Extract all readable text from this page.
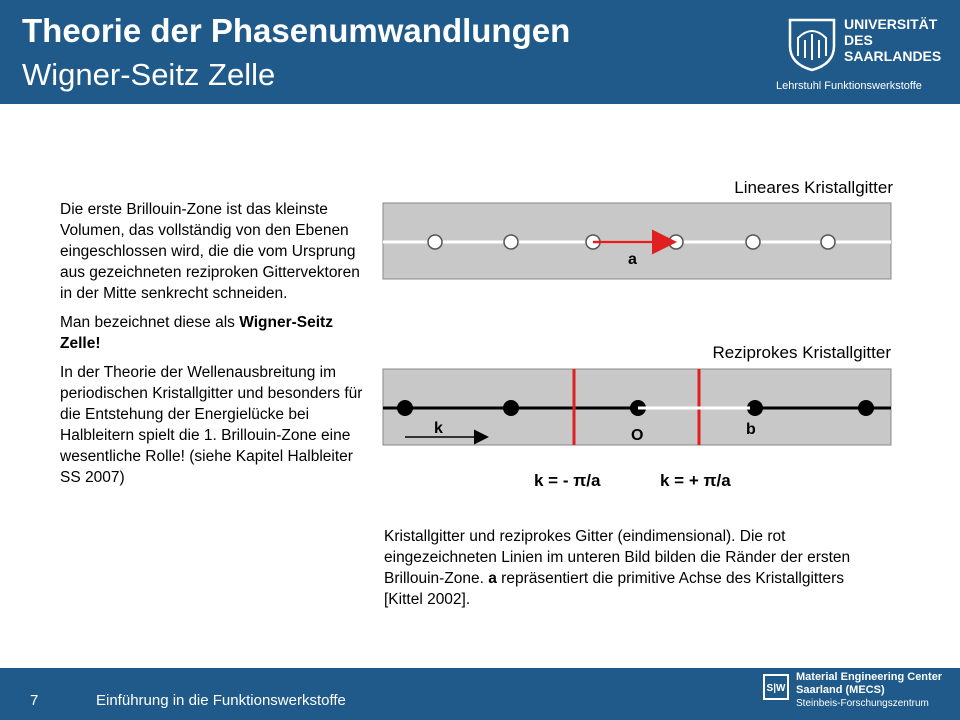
Theorie der Phasenumwandlungen
Wigner-Seitz Zelle
UNIVERSITÄT
DES
SAARLANDES
Lehrstuhl Funktionswerkstoffe

Die erste Brillouin-Zone ist das kleinste Volumen, das vollständig von den Ebenen eingeschlossen wird, die die vom Ursprung aus gezeichneten reziproken Gittervektoren in der Mitte senkrecht schneiden.

Man bezeichnet diese als Wigner-Seitz Zelle!

In der Theorie der Wellenausbreitung im periodischen Kristallgitter und besonders für die Entstehung der Energielücke bei Halbleitern spielt die 1. Brillouin-Zone eine wesentliche Rolle! (siehe Kapitel Halbleiter SS 2007)

Lineares Kristallgitter
Reziprokes Kristallgitter
a
k	O	b
k = - π/a	k = + π/a
Kristallgitter und reziprokes Gitter (eindimensional). Die rot eingezeichneten Linien im unteren Bild bilden die Ränder der ersten Brillouin-Zone. a repräsentiert die primitive Achse des Kristallgitters [Kittel 2002].
7	Einführung in die Funktionswerkstoffe
S|W
Material Engineering Center
Saarland (MECS)
Steinbeis-Forschungszentrum
